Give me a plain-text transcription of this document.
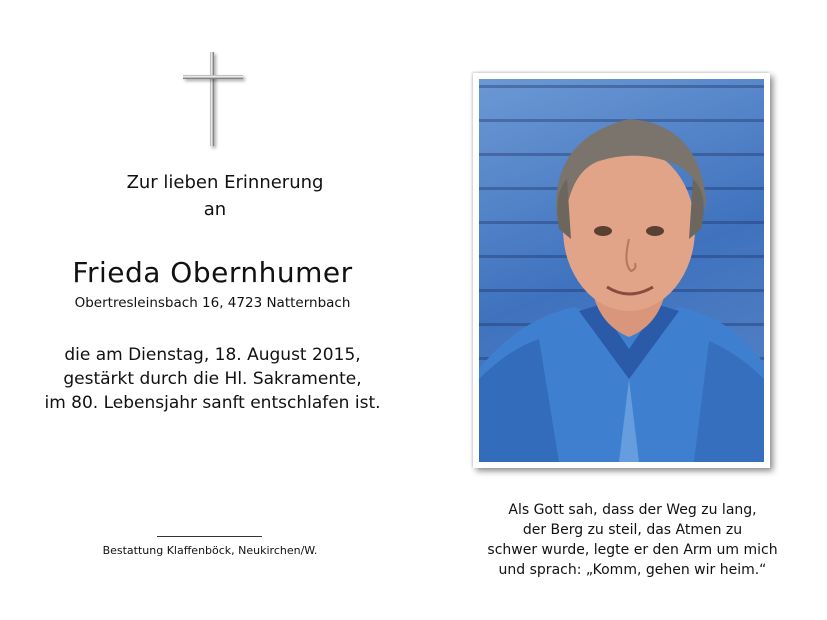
Zur lieben Erinnerung
an
Frieda Obernhumer
Obertresleinsbach 16, 4723 Natternbach
die am Dienstag, 18. August 2015,
gestärkt durch die Hl. Sakramente,
im 80. Lebensjahr sanft entschlafen ist.
Bestattung Klaffenböck, Neukirchen/W.
Als Gott sah, dass der Weg zu lang,
der Berg zu steil, das Atmen zu
schwer wurde, legte er den Arm um mich
und sprach: „Komm, gehen wir heim.“
